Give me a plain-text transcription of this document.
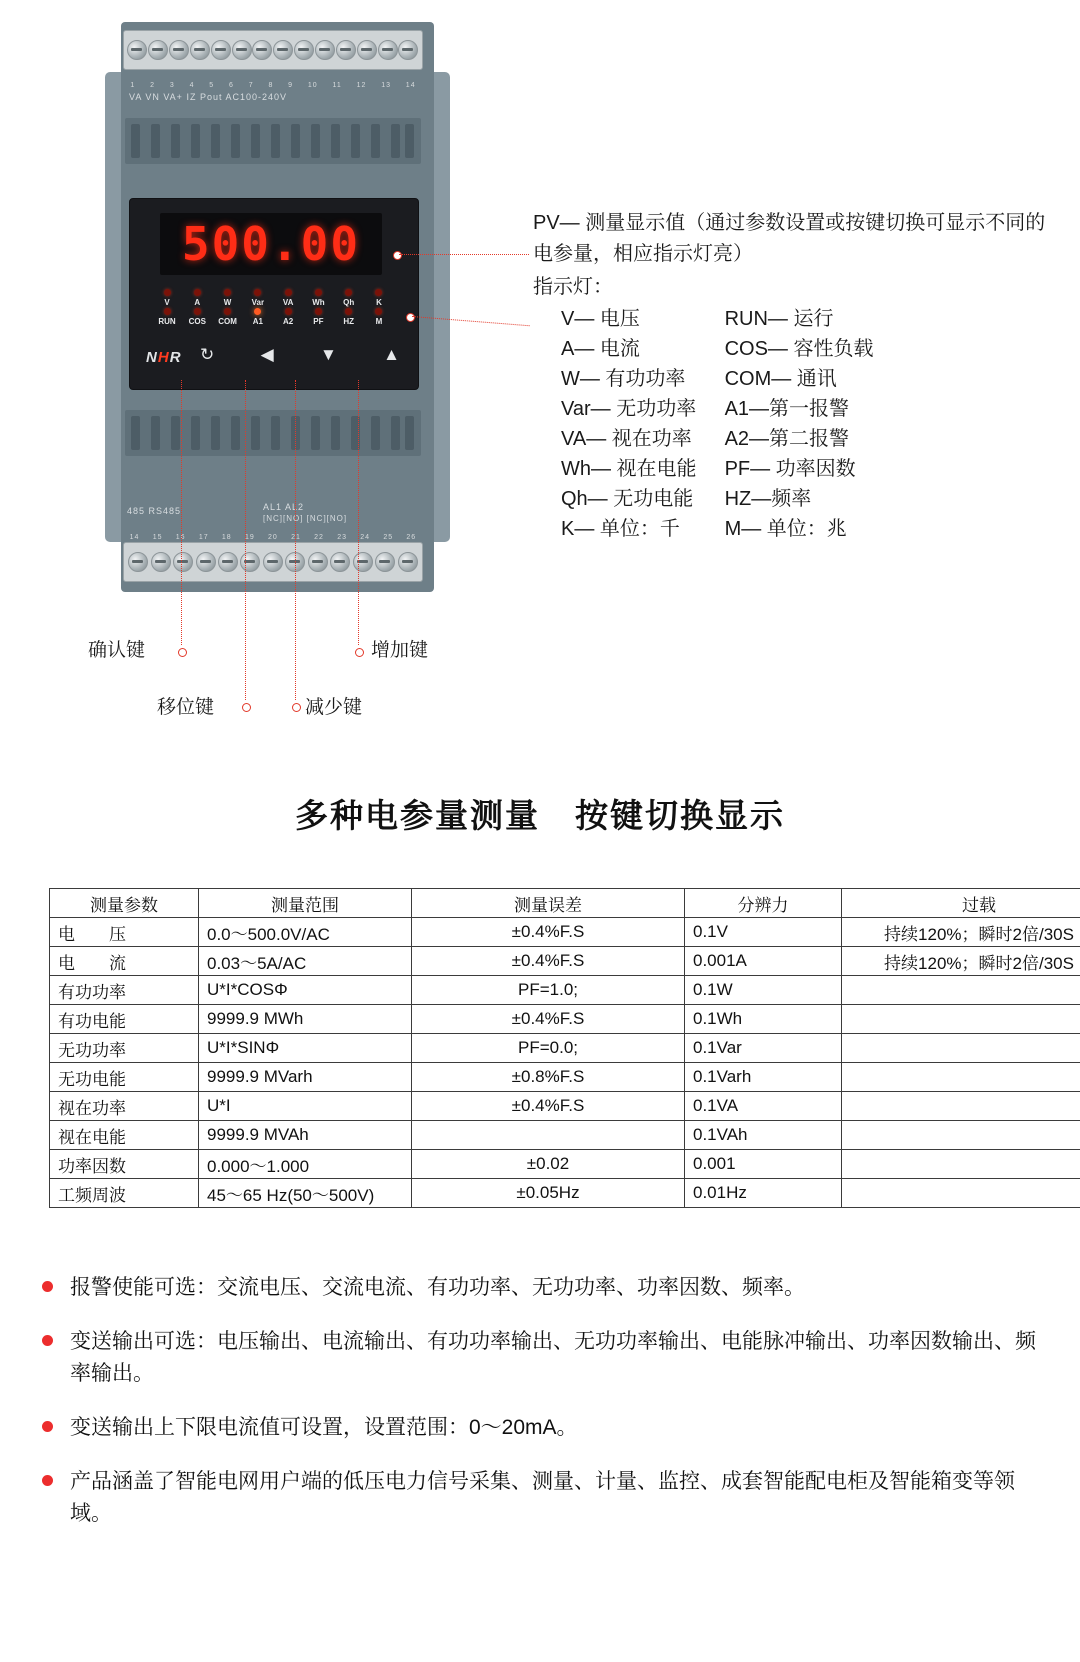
1 2 3 4 5 6 7 8 9 10 11 12 13 14
VA VN VA+ IZ Pout AC100-240V
500.00
V	A	W	Var	VA	Wh	Qh	K
RUN	COS	COM	A1	A2	PF	HZ	M
NHR ↻	◀	▼	▲
485 RS485	AL1 AL2
[NC][NO] [NC][NO]
14 15 16 17 18 19 20 21 22 23 24 25 26
确认键
移位键	减少键
增加键
PV— 测量显示值（通过参数设置或按键切换可显示不同的电参量，相应指示灯亮）
指示灯：
V— 电压	RUN— 运行
A— 电流	COS— 容性负载
W— 有功功率	COM— 通讯
Var— 无功功率	A1—第一报警
VA— 视在功率	A2—第二报警
Wh— 视在电能	PF— 功率因数
Qh— 无功电能	HZ—频率
K— 单位：千	M— 单位：兆
多种电参量测量　按键切换显示
测量参数	测量范围	测量误差	分辨力	过载
电　　压	0.0～500.0V/AC	±0.4%F.S	0.1V	持续120%；瞬时2倍/30S
电　　流	0.03～5A/AC	±0.4%F.S	0.001A	持续120%；瞬时2倍/30S
有功功率	U*I*COSΦ	PF=1.0;	0.1W	
有功电能	9999.9 MWh	±0.4%F.S	0.1Wh	
无功功率	U*I*SINΦ	PF=0.0;	0.1Var	
无功电能	9999.9 MVarh	±0.8%F.S	0.1Varh	
视在功率	U*I	±0.4%F.S	0.1VA	
视在电能	9999.9 MVAh		0.1VAh	
功率因数	0.000～1.000	±0.02	0.001	
工频周波	45～65 Hz(50～500V)	±0.05Hz	0.01Hz	
报警使能可选：交流电压、交流电流、有功功率、无功功率、功率因数、频率。
变送输出可选：电压输出、电流输出、有功功率输出、无功功率输出、电能脉冲输出、功率因数输出、频率输出。
变送输出上下限电流值可设置，设置范围：0～20mA。
产品涵盖了智能电网用户端的低压电力信号采集、测量、计量、监控、成套智能配电柜及智能箱变等领域。
